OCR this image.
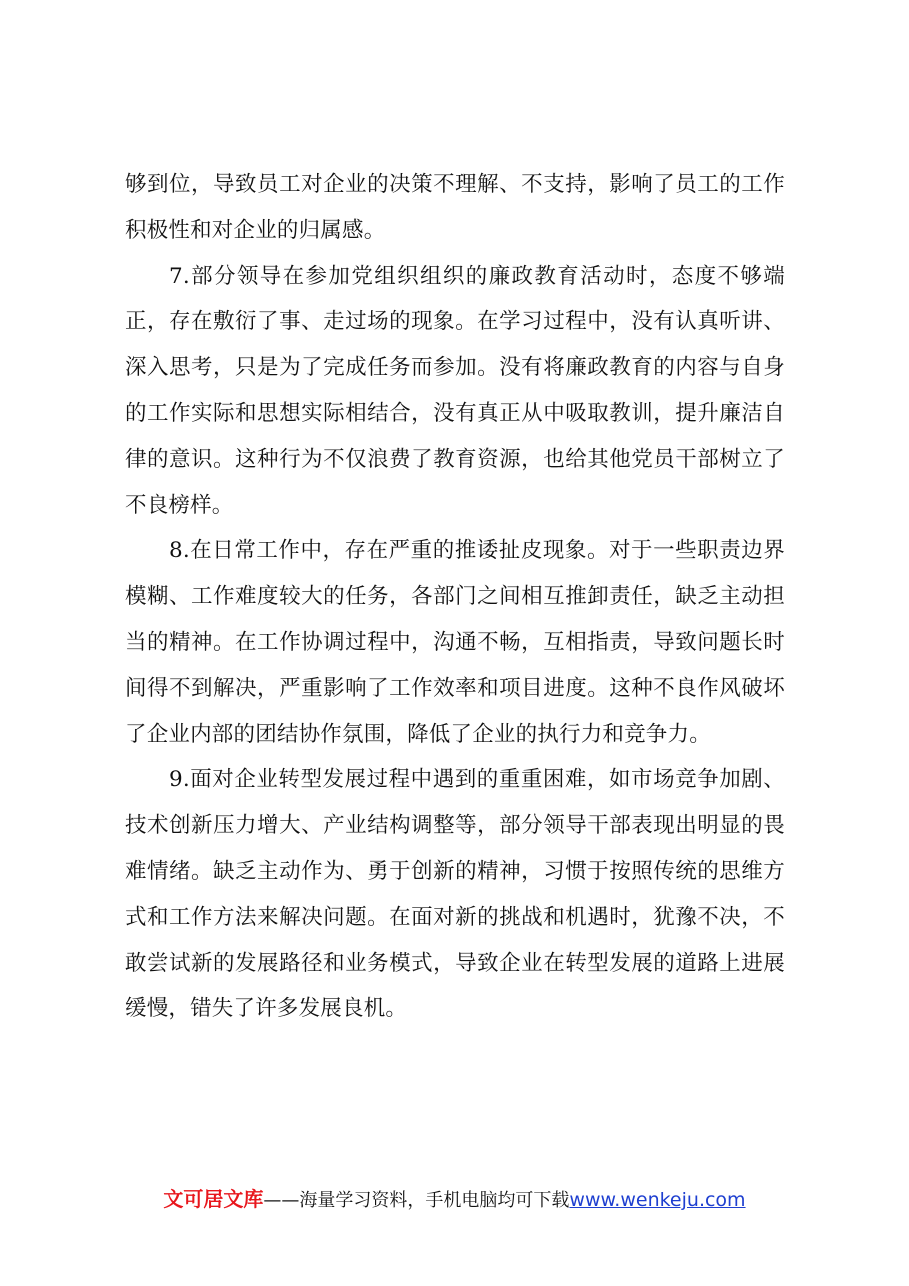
够到位，导致员工对企业的决策不理解、不支持，影响了员工的工作积极性和对企业的归属感。

7.部分领导在参加党组织组织的廉政教育活动时，态度不够端正，存在敷衍了事、走过场的现象。在学习过程中，没有认真听讲、深入思考，只是为了完成任务而参加。没有将廉政教育的内容与自身的工作实际和思想实际相结合，没有真正从中吸取教训，提升廉洁自律的意识。这种行为不仅浪费了教育资源，也给其他党员干部树立了不良榜样。

8.在日常工作中，存在严重的推诿扯皮现象。对于一些职责边界模糊、工作难度较大的任务，各部门之间相互推卸责任，缺乏主动担当的精神。在工作协调过程中，沟通不畅，互相指责，导致问题长时间得不到解决，严重影响了工作效率和项目进度。这种不良作风破坏了企业内部的团结协作氛围，降低了企业的执行力和竞争力。

9.面对企业转型发展过程中遇到的重重困难，如市场竞争加剧、技术创新压力增大、产业结构调整等，部分领导干部表现出明显的畏难情绪。缺乏主动作为、勇于创新的精神，习惯于按照传统的思维方式和工作方法来解决问题。在面对新的挑战和机遇时，犹豫不决，不敢尝试新的发展路径和业务模式，导致企业在转型发展的道路上进展缓慢，错失了许多发展良机。

文可居文库——海量学习资料，手机电脑均可下载www.wenkeju.com
